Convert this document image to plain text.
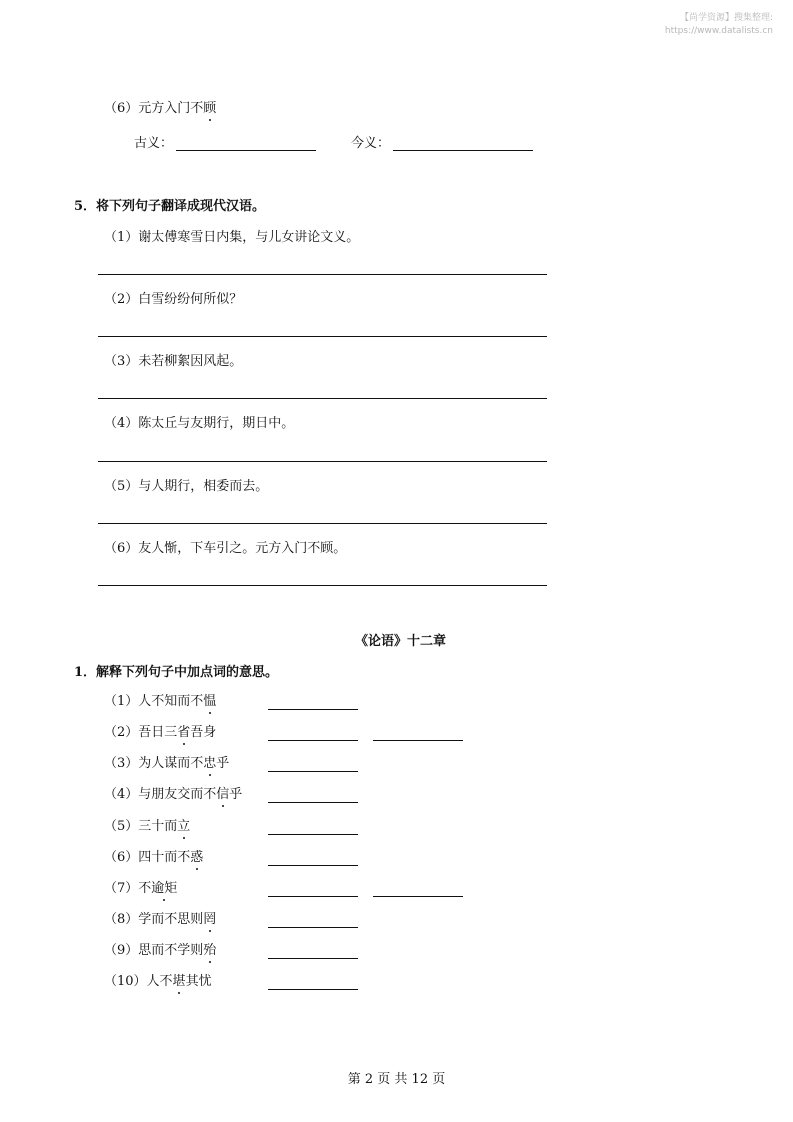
【尚学资源】搜集整理:
https://www.datalists.cn
（6）元方入门不顾
古义：	今义：
5．将下列句子翻译成现代汉语。
（1）谢太傅寒雪日内集，与儿女讲论文义。
（2）白雪纷纷何所似？
（3）未若柳絮因风起。
（4）陈太丘与友期行，期日中。
（5）与人期行，相委而去。
（6）友人惭，下车引之。元方入门不顾。
《论语》十二章
1．解释下列句子中加点词的意思。
（1）人不知而不愠
（2）吾日三省吾身
（3）为人谋而不忠乎
（4）与朋友交而不信乎
（5）三十而立
（6）四十而不惑
（7）不逾矩
（8）学而不思则罔
（9）思而不学则殆
（10）人不堪其忧
第 2 页 共 12 页
